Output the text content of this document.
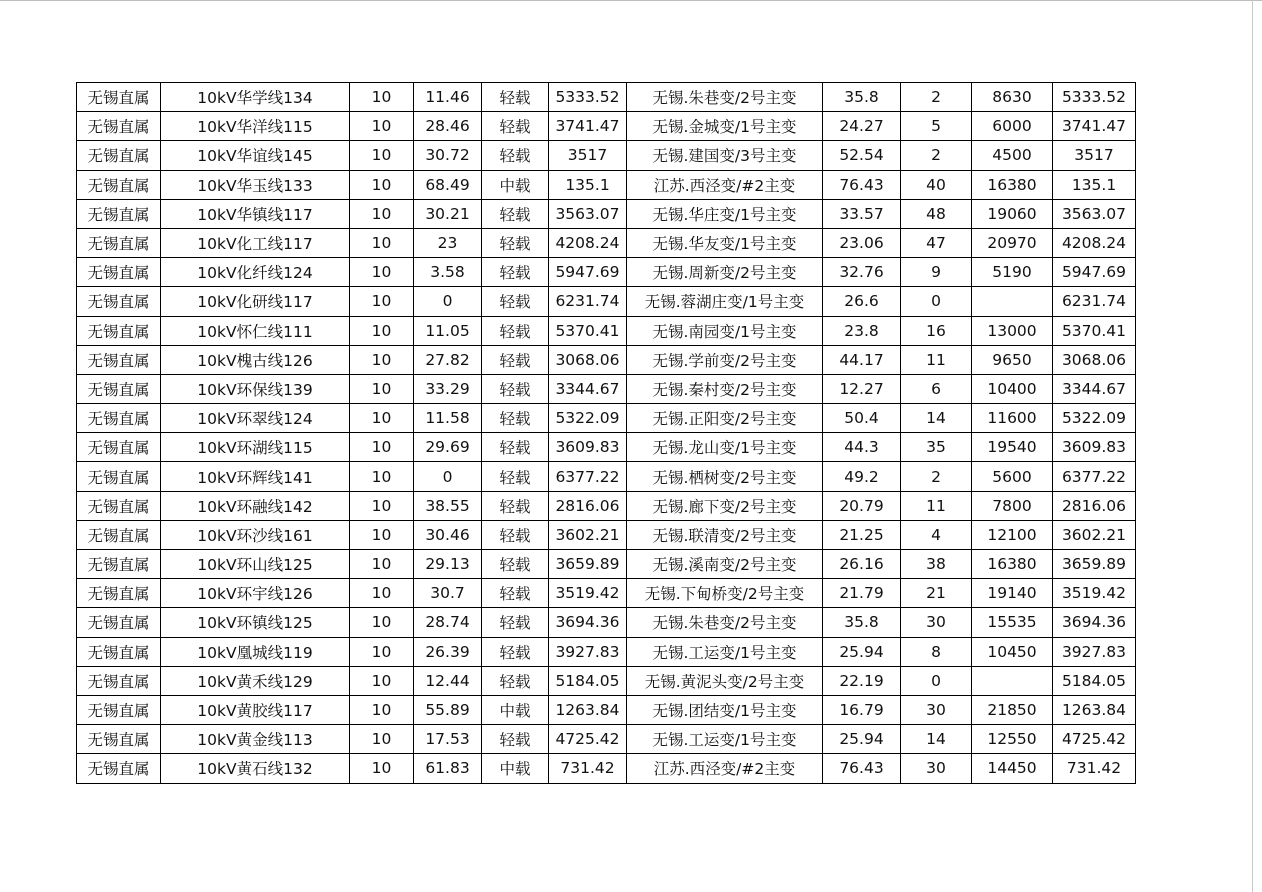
无锡直属	10kV华学线134	10	11.46	轻载	5333.52	无锡.朱巷变/2号主变	35.8	2	8630	5333.52
无锡直属	10kV华洋线115	10	28.46	轻载	3741.47	无锡.金城变/1号主变	24.27	5	6000	3741.47
无锡直属	10kV华谊线145	10	30.72	轻载	3517	无锡.建国变/3号主变	52.54	2	4500	3517
无锡直属	10kV华玉线133	10	68.49	中载	135.1	江苏.西泾变/#2主变	76.43	40	16380	135.1
无锡直属	10kV华镇线117	10	30.21	轻载	3563.07	无锡.华庄变/1号主变	33.57	48	19060	3563.07
无锡直属	10kV化工线117	10	23	轻载	4208.24	无锡.华友变/1号主变	23.06	47	20970	4208.24
无锡直属	10kV化纤线124	10	3.58	轻载	5947.69	无锡.周新变/2号主变	32.76	9	5190	5947.69
无锡直属	10kV化研线117	10	0	轻载	6231.74	无锡.蓉湖庄变/1号主变	26.6	0		6231.74
无锡直属	10kV怀仁线111	10	11.05	轻载	5370.41	无锡.南园变/1号主变	23.8	16	13000	5370.41
无锡直属	10kV槐古线126	10	27.82	轻载	3068.06	无锡.学前变/2号主变	44.17	11	9650	3068.06
无锡直属	10kV环保线139	10	33.29	轻载	3344.67	无锡.秦村变/2号主变	12.27	6	10400	3344.67
无锡直属	10kV环翠线124	10	11.58	轻载	5322.09	无锡.正阳变/2号主变	50.4	14	11600	5322.09
无锡直属	10kV环湖线115	10	29.69	轻载	3609.83	无锡.龙山变/1号主变	44.3	35	19540	3609.83
无锡直属	10kV环辉线141	10	0	轻载	6377.22	无锡.栖树变/2号主变	49.2	2	5600	6377.22
无锡直属	10kV环融线142	10	38.55	轻载	2816.06	无锡.廊下变/2号主变	20.79	11	7800	2816.06
无锡直属	10kV环沙线161	10	30.46	轻载	3602.21	无锡.联清变/2号主变	21.25	4	12100	3602.21
无锡直属	10kV环山线125	10	29.13	轻载	3659.89	无锡.溪南变/2号主变	26.16	38	16380	3659.89
无锡直属	10kV环宇线126	10	30.7	轻载	3519.42	无锡.下甸桥变/2号主变	21.79	21	19140	3519.42
无锡直属	10kV环镇线125	10	28.74	轻载	3694.36	无锡.朱巷变/2号主变	35.8	30	15535	3694.36
无锡直属	10kV凰城线119	10	26.39	轻载	3927.83	无锡.工运变/1号主变	25.94	8	10450	3927.83
无锡直属	10kV黄禾线129	10	12.44	轻载	5184.05	无锡.黄泥头变/2号主变	22.19	0		5184.05
无锡直属	10kV黄胶线117	10	55.89	中载	1263.84	无锡.团结变/1号主变	16.79	30	21850	1263.84
无锡直属	10kV黄金线113	10	17.53	轻载	4725.42	无锡.工运变/1号主变	25.94	14	12550	4725.42
无锡直属	10kV黄石线132	10	61.83	中载	731.42	江苏.西泾变/#2主变	76.43	30	14450	731.42
